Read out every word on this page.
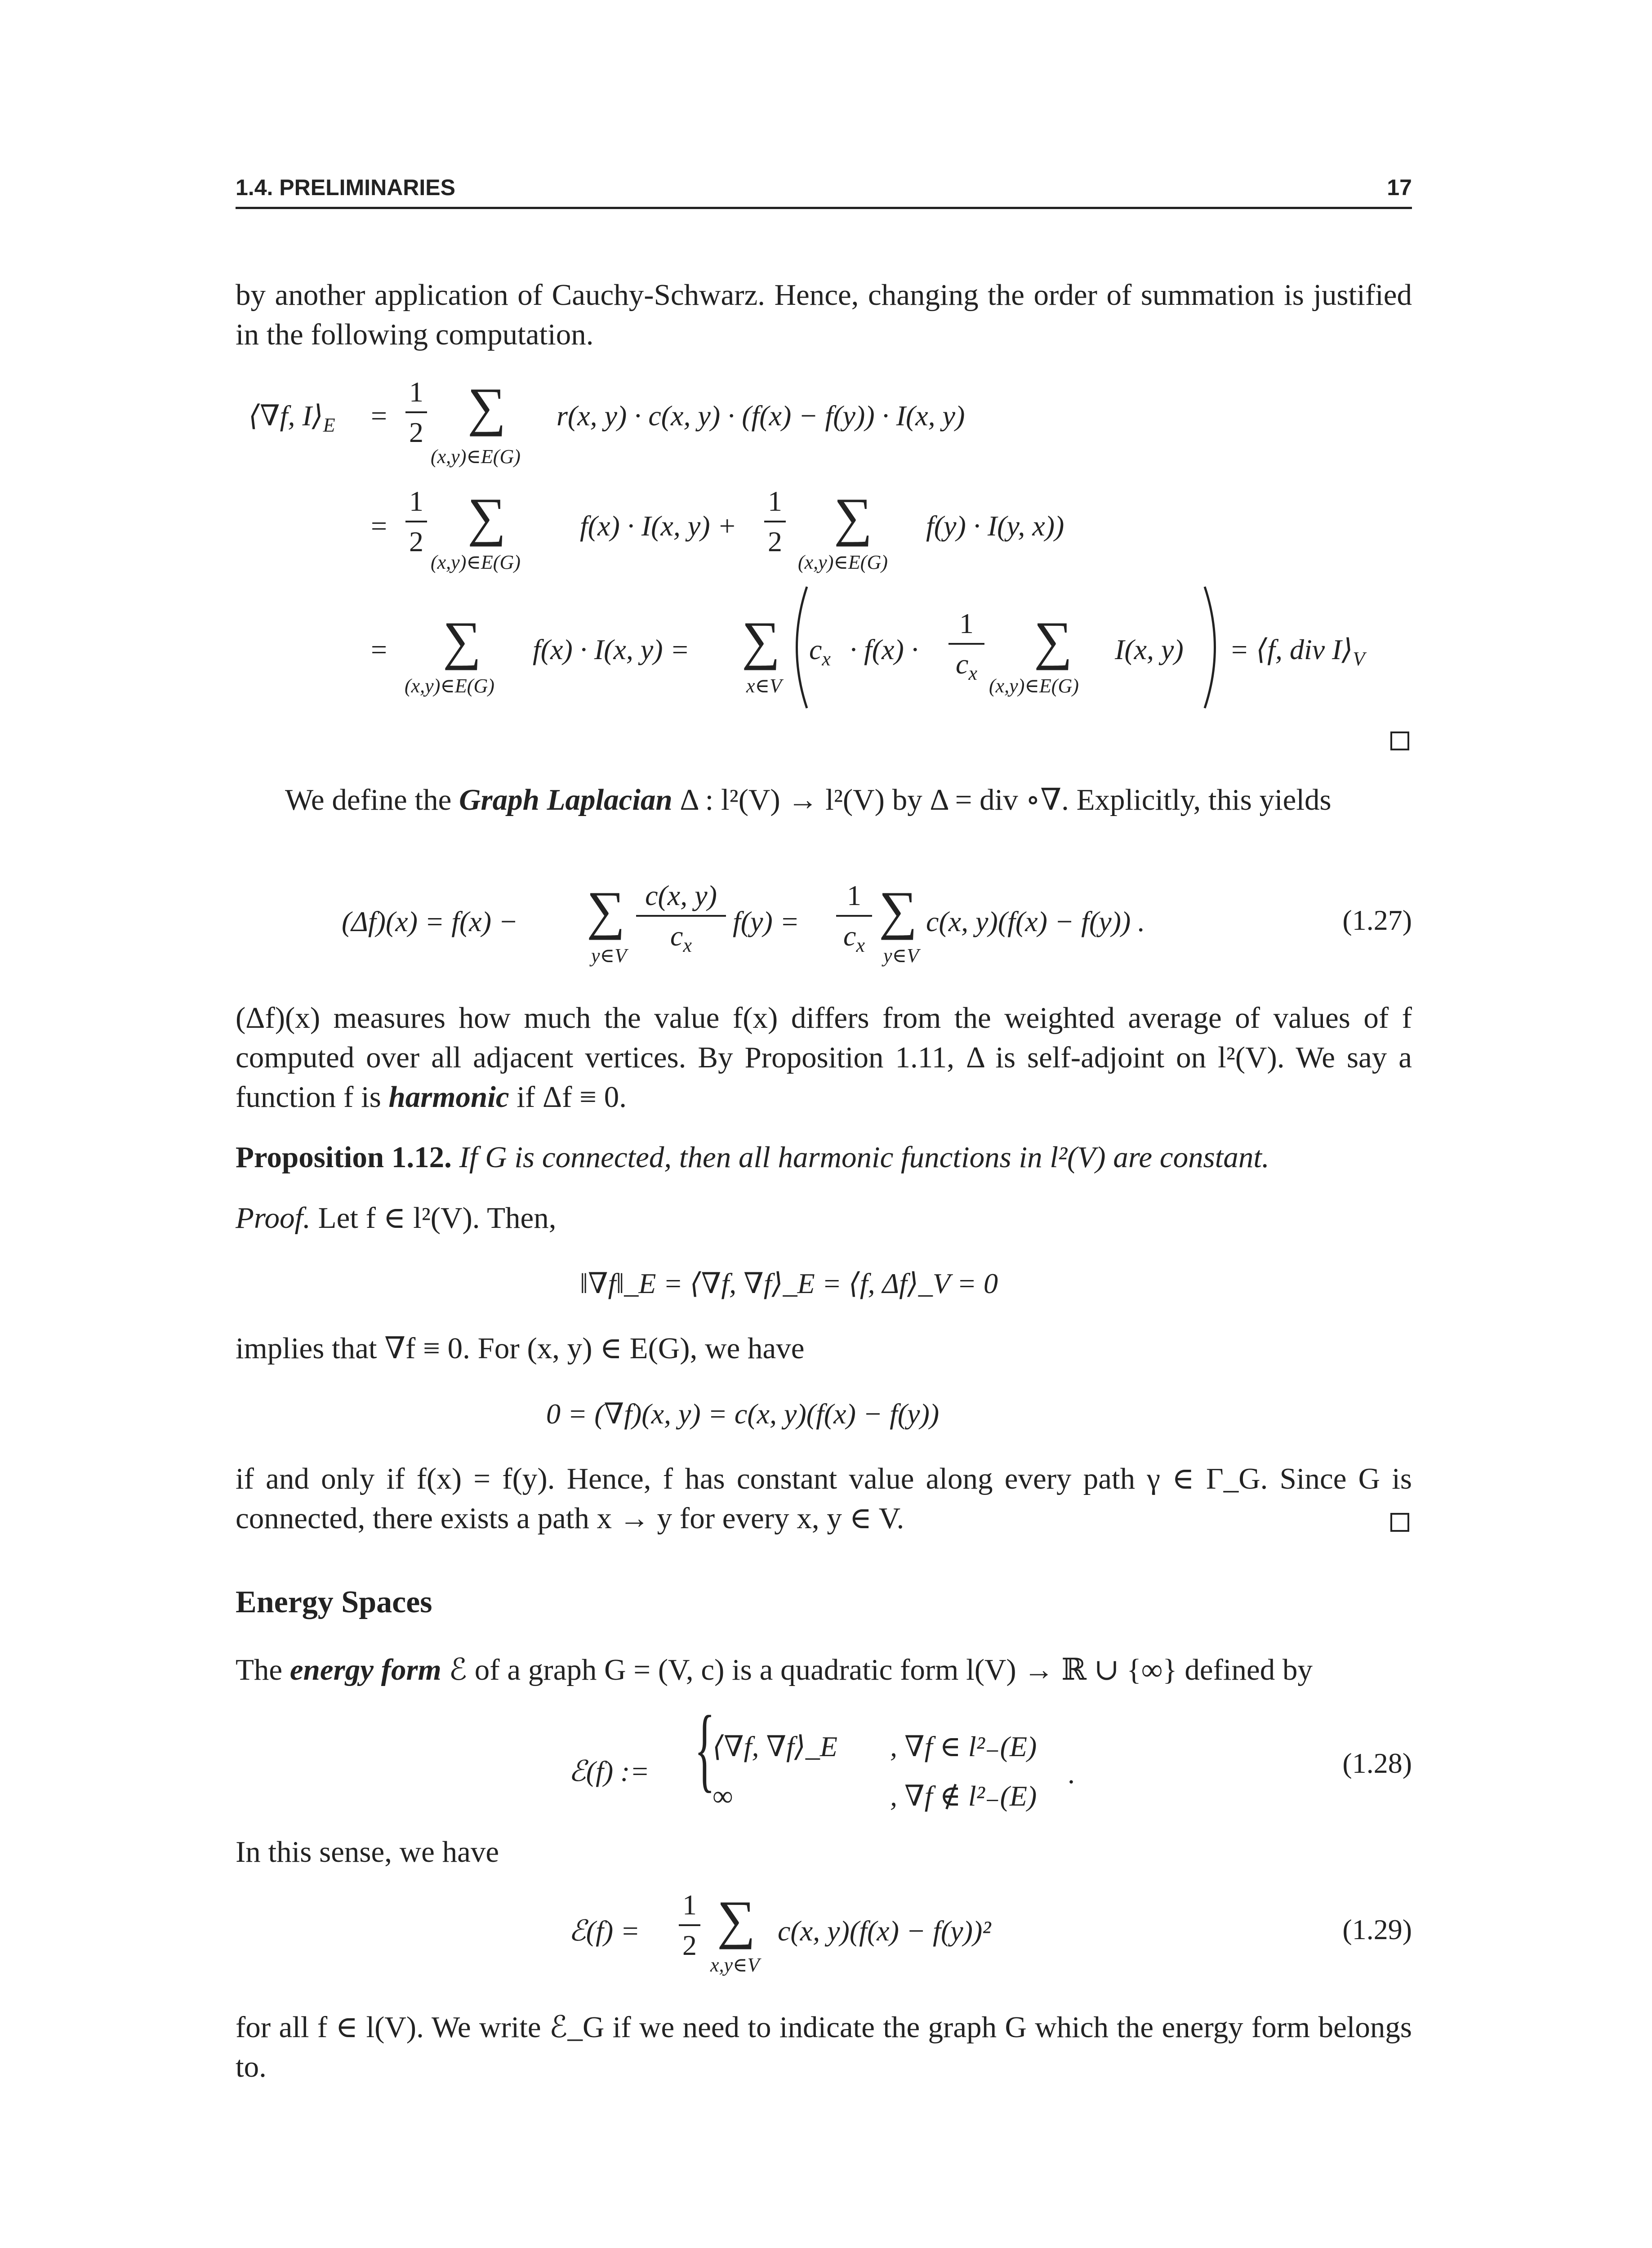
1.4. PRELIMINARIES	17
by another application of Cauchy-Schwarz. Hence, changing the order of summation is justified in the following computation.
⟨∇f, $I⟩_E$ =
1
2 ∑
(x,y)∈E(G)
r(x, y) · c(x, y) · (f(x) − f(y)) · I(x, y)
=
1
2 ∑
(x,y)∈E(G)
f(x) · I(x, y) +
1
2 ∑
(x,y)∈E(G)
f(y) · I(y, x))
= ∑
(x,y)∈E(G)
f(x) · I(x, y) = ∑
x∈V
$c_x \cdot f(x)$ ·
1
$c_x$
∑
(x,y)∈E(G)
I(x, y) = ⟨f, div $I⟩_V$
We define the Graph Laplacian Δ : l²(V) → l²(V) by Δ = div ∘∇. Explicitly, this yields
(Δf)(x) = f(x) − ∑
y∈V
c(x, y)
$c_x$
f(y) =
1
$c_x$
∑
y∈V
c(x, y)(f(x) − f(y)) .	(1.27)
(Δf)(x) measures how much the value f(x) differs from the weighted average of values of f computed over all adjacent vertices. By Proposition 1.11, Δ is self-adjoint on l²(V). We say a function f is harmonic if Δf ≡ 0.
Proposition 1.12. If G is connected, then all harmonic functions in l²(V) are constant.
Proof. Let f ∈ l²(V). Then,
‖∇f‖_E = ⟨∇f, ∇f⟩_E = ⟨f, Δf⟩_V = 0
implies that ∇f ≡ 0. For (x, y) ∈ E(G), we have
0 = (∇f)(x, y) = c(x, y)(f(x) − f(y))
if and only if f(x) = f(y). Hence, f has constant value along every path γ ∈ Γ_G. Since G is connected, there exists a path x → y for every x, y ∈ V.
Energy Spaces
The energy form ℰ of a graph G = (V, c) is a quadratic form l(V) → ℝ ∪ {∞} defined by
ℰ(f) := {
⟨∇f, ∇f⟩_E , ∇f ∈ l²₋(E)
∞	, ∇f ∉ l²₋(E)
.	(1.28)
In this sense, we have
ℰ(f) =
1
2 ∑
x,y∈V
c(x, y)(f(x) − f(y))²	(1.29)
for all f ∈ l(V). We write ℰ_G if we need to indicate the graph G which the energy form belongs to.
